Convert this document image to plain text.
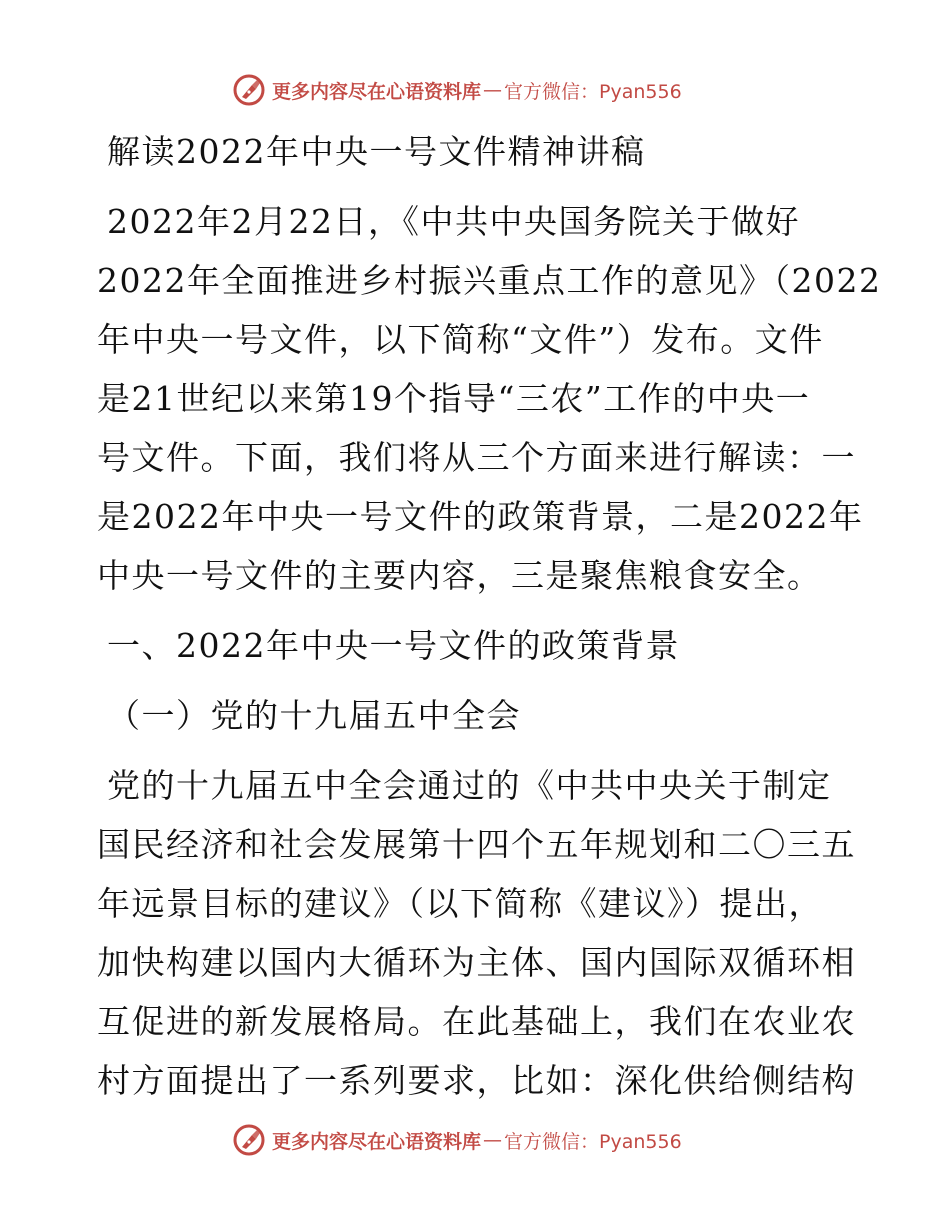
更多内容尽在心语资料库 — 官方微信：Pyan556
解读2022年中央一号文件精神讲稿
2022年2月22日，《中共中央国务院关于做好
2022年全面推进乡村振兴重点工作的意见》（2022
年中央一号文件，以下简称“文件”）发布。文件
是21世纪以来第19个指导“三农”工作的中央一
号文件。下面，我们将从三个方面来进行解读：一
是2022年中央一号文件的政策背景，二是2022年
中央一号文件的主要内容，三是聚焦粮食安全。
一、2022年中央一号文件的政策背景
（一）党的十九届五中全会
党的十九届五中全会通过的《中共中央关于制定
国民经济和社会发展第十四个五年规划和二〇三五
年远景目标的建议》（以下简称《建议》）提出，
加快构建以国内大循环为主体、国内国际双循环相
互促进的新发展格局。在此基础上，我们在农业农
村方面提出了一系列要求，比如：深化供给侧结构
更多内容尽在心语资料库 — 官方微信：Pyan556
